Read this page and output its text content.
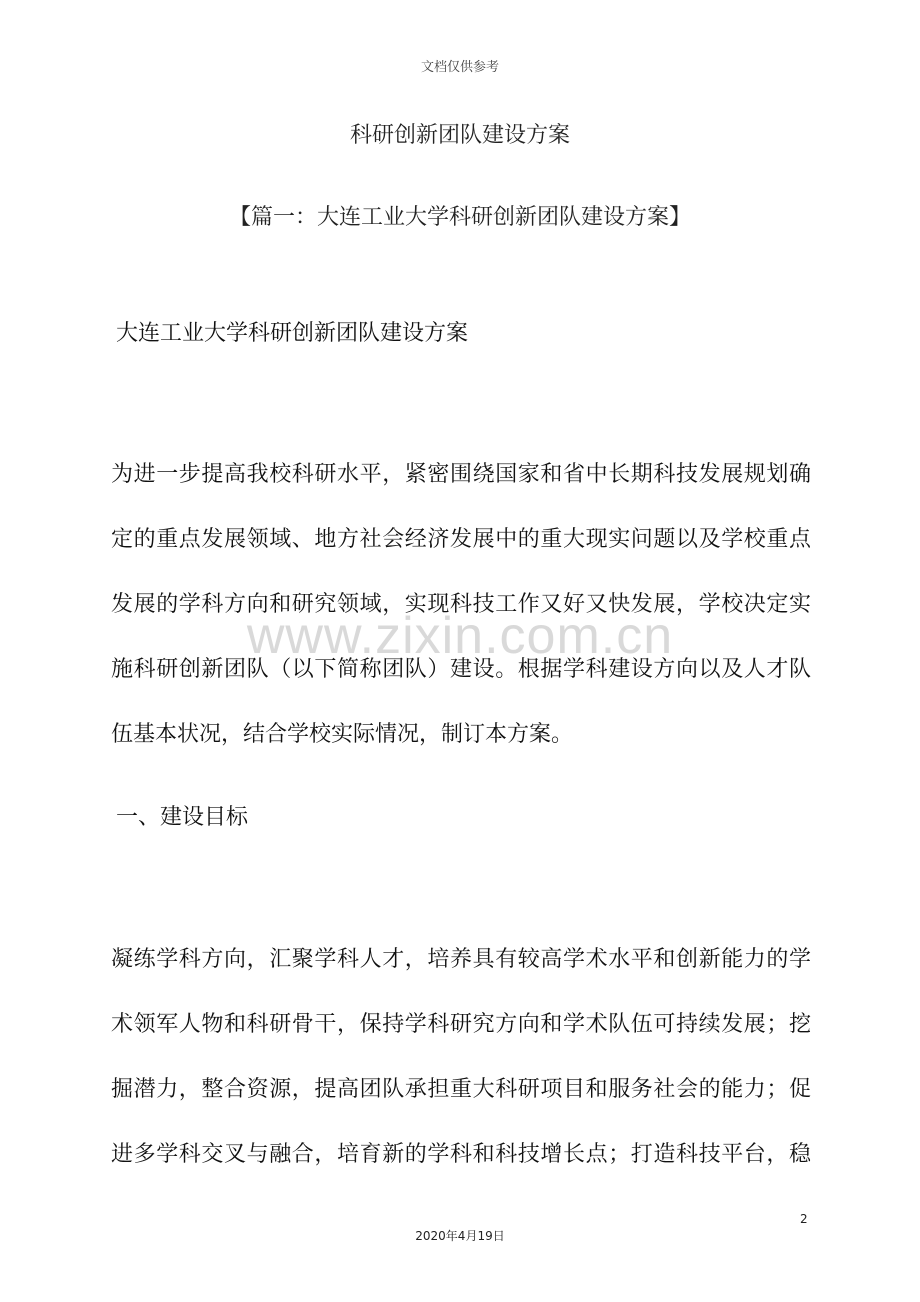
文档仅供参考
科研创新团队建设方案
【篇一：大连工业大学科研创新团队建设方案】
大连工业大学科研创新团队建设方案
www.zixin.com.cn
为进一步提高我校科研水平，紧密围绕国家和省中长期科技发展规划确
定的重点发展领域、地方社会经济发展中的重大现实问题以及学校重点
发展的学科方向和研究领域，实现科技工作又好又快发展，学校决定实
施科研创新团队（以下简称团队）建设。根据学科建设方向以及人才队
伍基本状况，结合学校实际情况，制订本方案。
一、建设目标
凝练学科方向，汇聚学科人才，培养具有较高学术水平和创新能力的学
术领军人物和科研骨干，保持学科研究方向和学术队伍可持续发展；挖
掘潜力，整合资源，提高团队承担重大科研项目和服务社会的能力；促
进多学科交叉与融合，培育新的学科和科技增长点；打造科技平台，稳
2
2020年4月19日
